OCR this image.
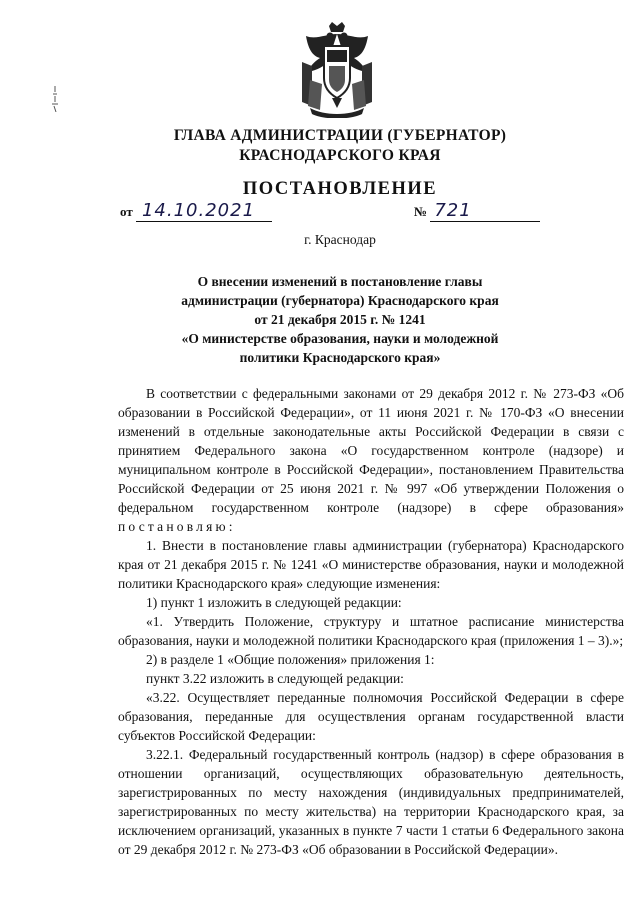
ГЛАВА АДМИНИСТРАЦИИ (ГУБЕРНАТОР)
КРАСНОДАРСКОГО КРАЯ
ПОСТАНОВЛЕНИЕ
от 14.10.2021	№ 721
г. Краснодар
О внесении изменений в постановление главы
администрации (губернатора) Краснодарского края
от 21 декабря 2015 г. № 1241
«О министерстве образования, науки и молодежной
политики Краснодарского края»

В соответствии с федеральными законами от 29 декабря 2012 г. № 273-ФЗ «Об образовании в Российской Федерации», от 11 июня 2021 г. № 170-ФЗ «О внесении изменений в отдельные законодательные акты Российской Федерации в связи с принятием Федерального закона «О государственном контроле (надзоре) и муниципальном контроле в Российской Федерации», постановлением Правительства Российской Федерации от 25 июня 2021 г. № 997 «Об утверждении Положения о федеральном государственном контроле (надзоре) в сфере образования» постановляю:

1. Внести в постановление главы администрации (губернатора) Краснодарского края от 21 декабря 2015 г. № 1241 «О министерстве образования, науки и молодежной политики Краснодарского края» следующие изменения:

1) пункт 1 изложить в следующей редакции:

«1. Утвердить Положение, структуру и штатное расписание министерства образования, науки и молодежной политики Краснодарского края (приложения 1 – 3).»;

2) в разделе 1 «Общие положения» приложения 1:

пункт 3.22 изложить в следующей редакции:

«3.22. Осуществляет переданные полномочия Российской Федерации в сфере образования, переданные для осуществления органам государственной власти субъектов Российской Федерации:

3.22.1. Федеральный государственный контроль (надзор) в сфере образования в отношении организаций, осуществляющих образовательную деятельность, зарегистрированных по месту нахождения (индивидуальных предпринимателей, зарегистрированных по месту жительства) на территории Краснодарского края, за исключением организаций, указанных в пункте 7 части 1 статьи 6 Федерального закона от 29 декабря 2012 г. № 273-ФЗ «Об образовании в Российской Федерации».
